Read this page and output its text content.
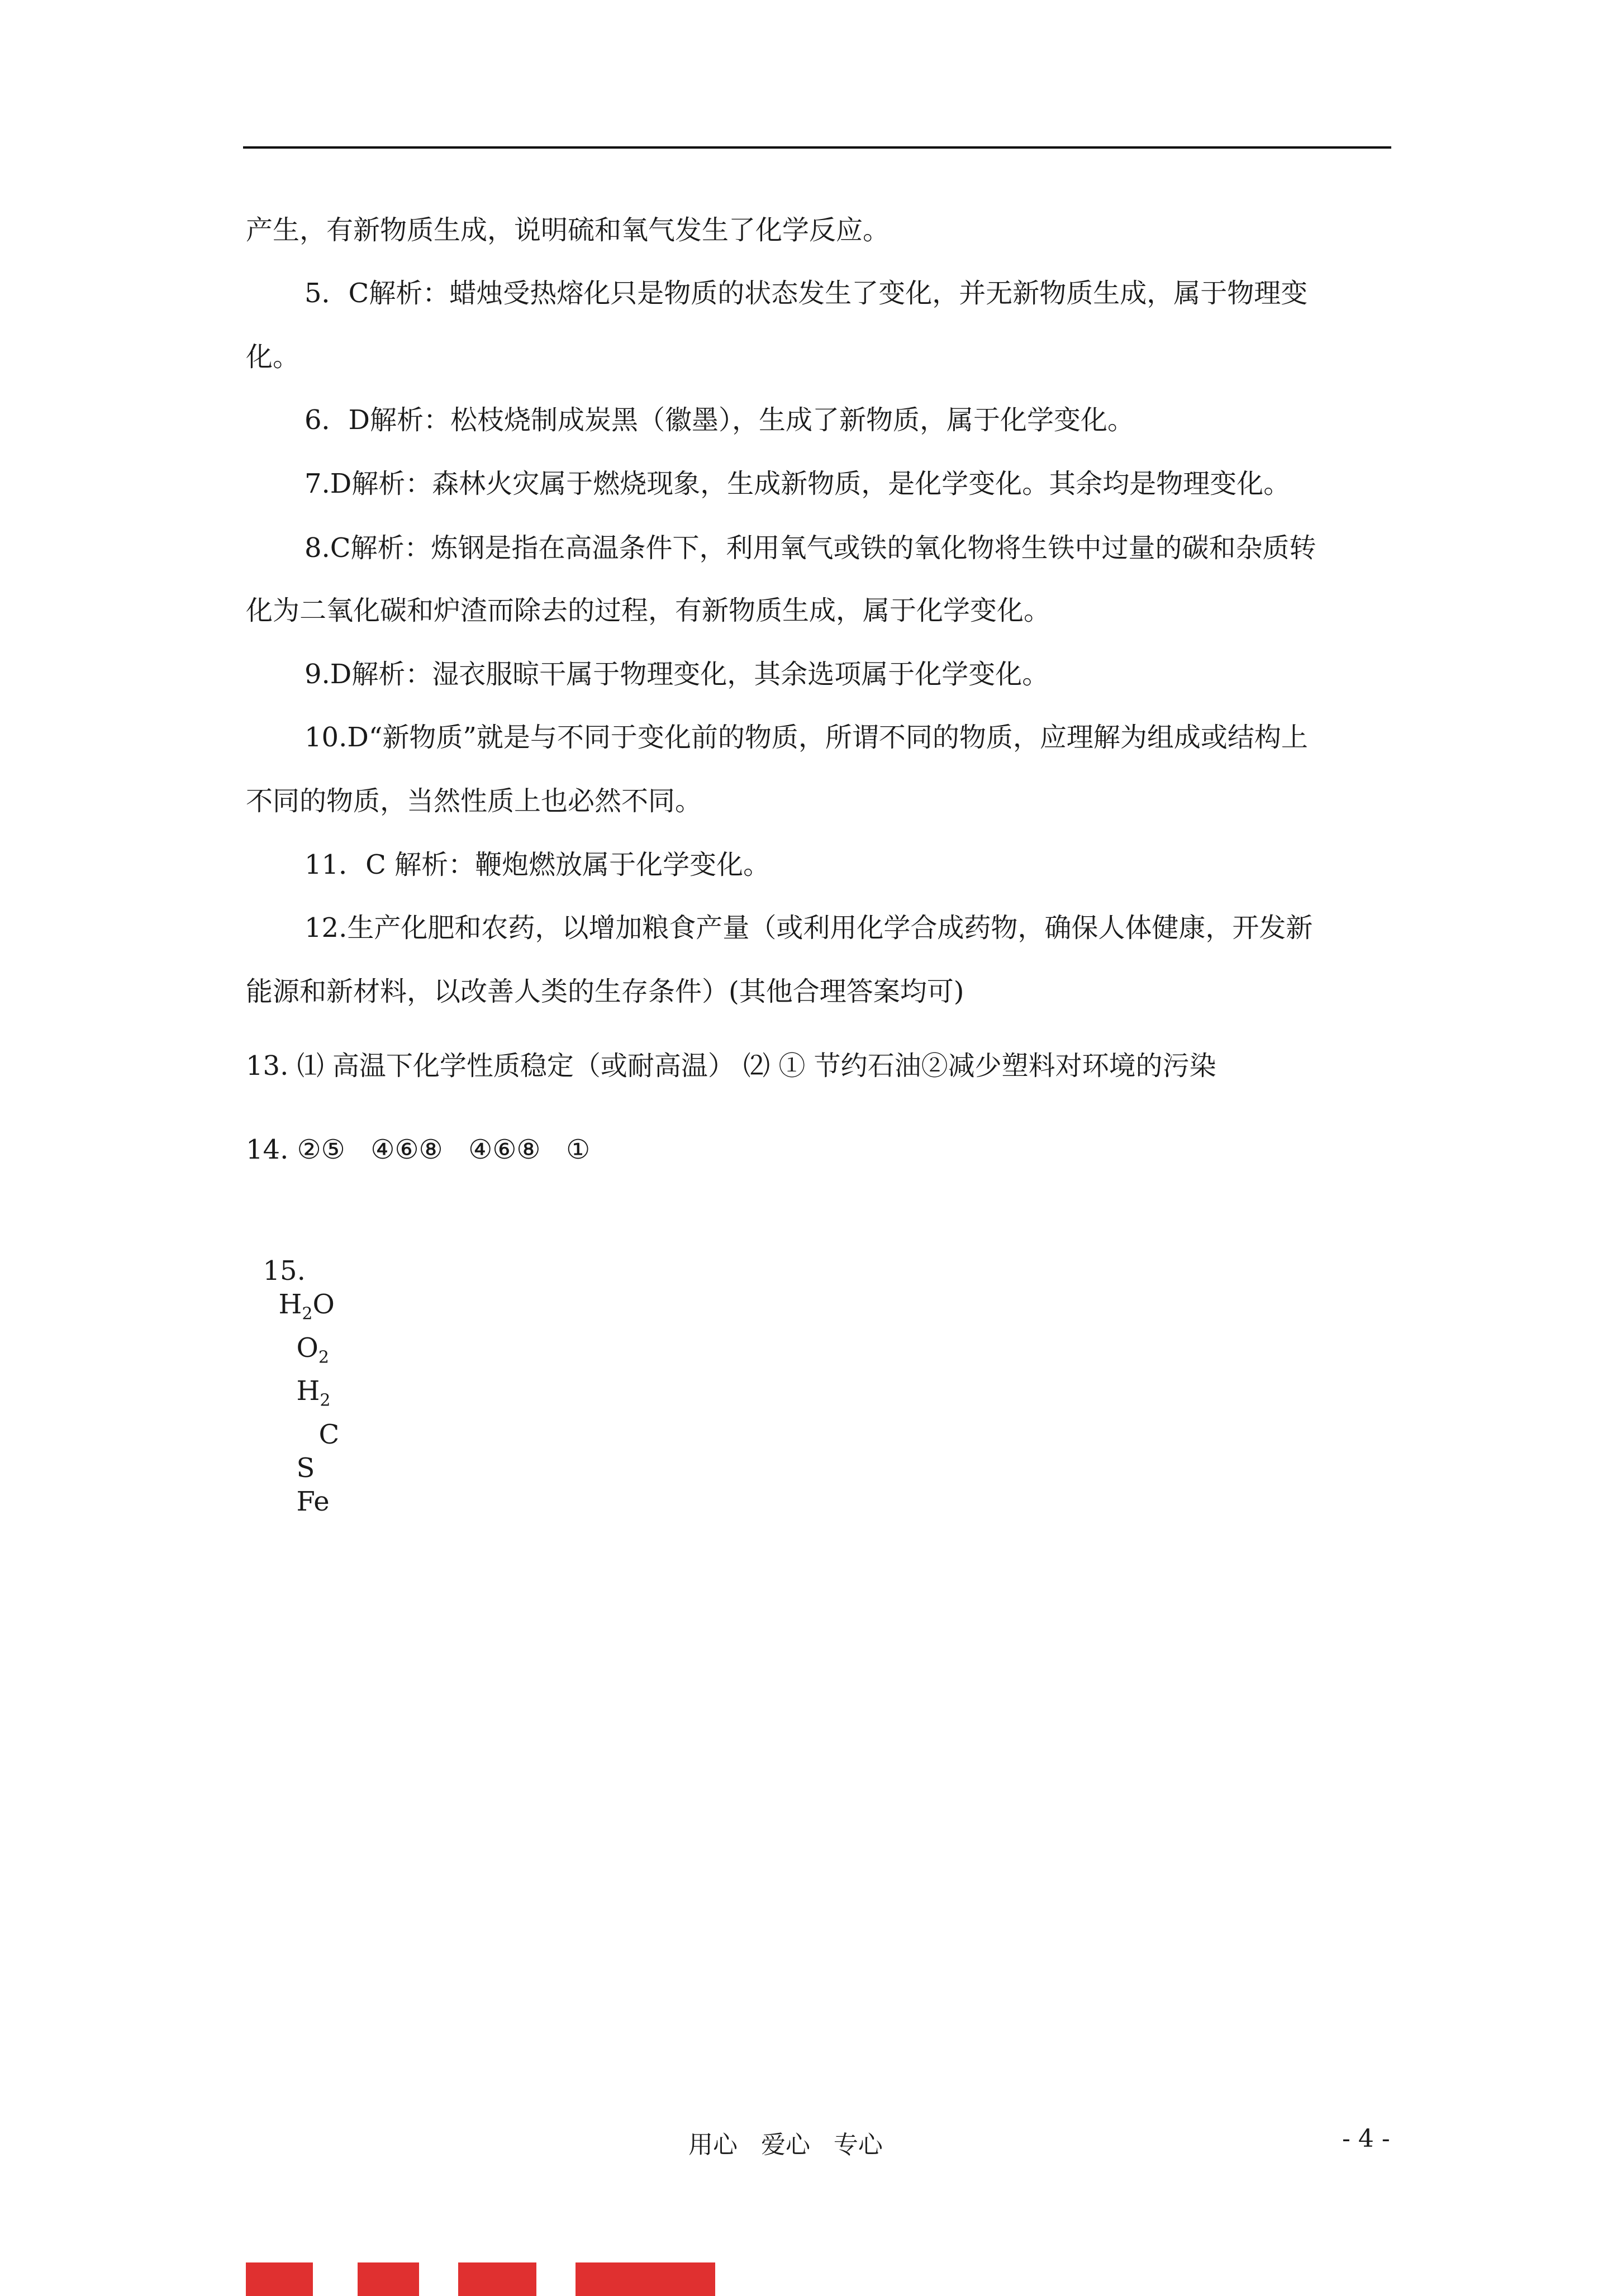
产生，有新物质生成，说明硫和氧气发生了化学反应。
5．C解析：蜡烛受热熔化只是物质的状态发生了变化，并无新物质生成，属于物理变
化。
6．D解析：松枝烧制成炭黑（徽墨），生成了新物质，属于化学变化。
7.D解析：森林火灾属于燃烧现象，生成新物质，是化学变化。其余均是物理变化。
8.C解析：炼钢是指在高温条件下，利用氧气或铁的氧化物将生铁中过量的碳和杂质转
化为二氧化碳和炉渣而除去的过程，有新物质生成，属于化学变化。
9.D解析：湿衣服晾干属于物理变化，其余选项属于化学变化。
10.D“新物质”就是与不同于变化前的物质，所谓不同的物质，应理解为组成或结构上
不同的物质，当然性质上也必然不同。
11．C 解析：鞭炮燃放属于化学变化。
12.生产化肥和农药，以增加粮食产量（或利用化学合成药物，确保人体健康，开发新
能源和新材料，以改善人类的生存条件）(其他合理答案均可)
13. ⑴ 高温下化学性质稳定（或耐高温） ⑵ ① 节约石油②减少塑料对环境的污染
14. ②⑤   ④⑥⑧   ④⑥⑧   ①

15.
$H_2O$
$O_2$
$H_2$
C
S
Fe

用心   爱心   专心	- 4 -
